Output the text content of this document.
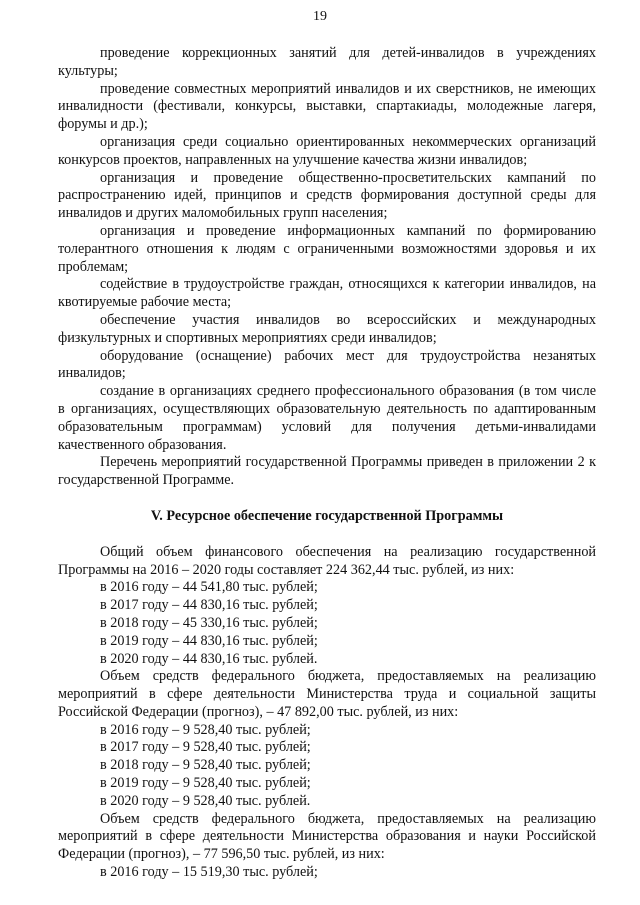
19

проведение коррекционных занятий для детей-инвалидов в учреждениях культуры;

проведение совместных мероприятий инвалидов и их сверстников, не имеющих инвалидности (фестивали, конкурсы, выставки, спартакиады, молодежные лагеря, форумы и др.);

организация среди социально ориентированных некоммерческих организаций конкурсов проектов, направленных на улучшение качества жизни инвалидов;

организация и проведение общественно-просветительских кампаний по распространению идей, принципов и средств формирования доступной среды для инвалидов и других маломобильных групп населения;

организация и проведение информационных кампаний по формированию толерантного отношения к людям с ограниченными возможностями здоровья и их проблемам;

содействие в трудоустройстве граждан, относящихся к категории инвалидов, на квотируемые рабочие места;

обеспечение участия инвалидов во всероссийских и международных физкультурных и спортивных мероприятиях среди инвалидов;

оборудование (оснащение) рабочих мест для трудоустройства незанятых инвалидов;

создание в организациях среднего профессионального образования (в том числе в организациях, осуществляющих образовательную деятельность по адаптированным образовательным программам) условий для получения детьми-инвалидами качественного образования.

Перечень мероприятий государственной Программы приведен в приложении 2 к государственной Программе.

V. Ресурсное обеспечение государственной Программы

Общий объем финансового обеспечения на реализацию государственной Программы на 2016 – 2020 годы составляет 224 362,44 тыс. рублей, из них:

в 2016 году – 44 541,80 тыс. рублей;

в 2017 году – 44 830,16 тыс. рублей;

в 2018 году – 45 330,16 тыс. рублей;

в 2019 году – 44 830,16 тыс. рублей;

в 2020 году – 44 830,16 тыс. рублей.

Объем средств федерального бюджета, предоставляемых на реализацию мероприятий в сфере деятельности Министерства труда и социальной защиты Российской Федерации (прогноз), – 47 892,00 тыс. рублей, из них:

в 2016 году – 9 528,40 тыс. рублей;

в 2017 году – 9 528,40 тыс. рублей;

в 2018 году – 9 528,40 тыс. рублей;

в 2019 году – 9 528,40 тыс. рублей;

в 2020 году – 9 528,40 тыс. рублей.

Объем средств федерального бюджета, предоставляемых на реализацию мероприятий в сфере деятельности Министерства образования и науки Российской Федерации (прогноз), – 77 596,50 тыс. рублей, из них:

в 2016 году – 15 519,30 тыс. рублей;
